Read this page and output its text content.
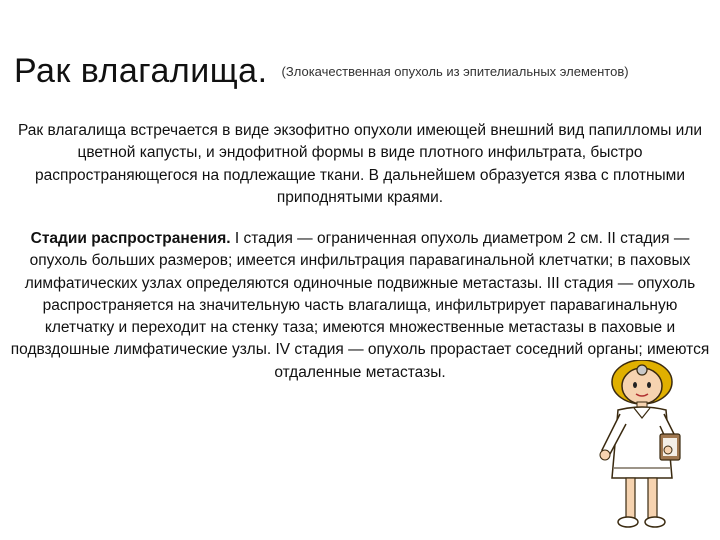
Рак влагалища. $^{(Злокачественная опухоль из эпителиальных элементов)}$
Рак влагалища встречается в виде экзофитно опухоли имеющей внешний вид папилломы или цветной капусты, и эндофитной формы в виде плотного инфильтрата, быстро распространяющегося на подлежащие ткани. В дальнейшем образуется язва с плотными приподнятыми краями.
Стадии распространения. I стадия — ограниченная опухоль диаметром 2 см. II стадия — опухоль больших размеров; имеется инфильтрация паравагинальной клетчатки; в паховых лимфатических узлах определяются одиночные подвижные метастазы. III стадия — опухоль распространяется на значительную часть влагалища, инфильтрирует паравагинальную клетчатку и переходит на стенку таза; имеются множественные метастазы в паховые и подвздошные лимфатические узлы. IV стадия — опухоль прорастает соседний органы; имеются отдаленные метастазы.
